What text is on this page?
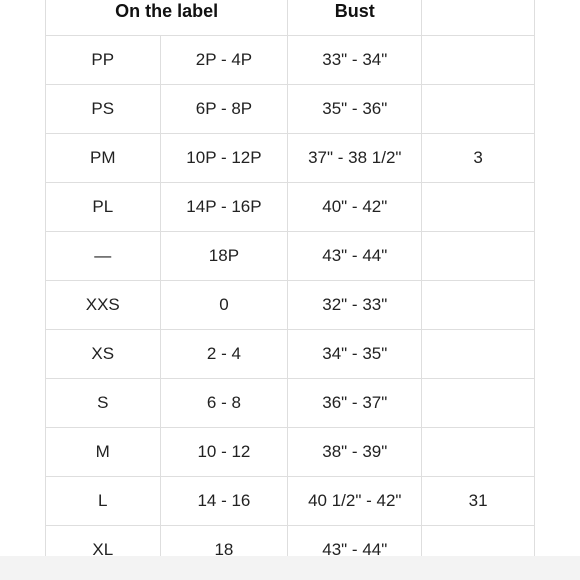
On the label		Bust	
PP	2P - 4P	33" - 34"	
PS	6P - 8P	35" - 36"	
PM	10P - 12P	37" - 38 1/2"	3
PL	14P - 16P	40" - 42"	
—	18P	43" - 44"	
XXS	0	32" - 33"	
XS	2 - 4	34" - 35"	
S	6 - 8	36" - 37"	
M	10 - 12	38" - 39"	
L	14 - 16	40 1/2" - 42"	31
XL	18	43" - 44"	
